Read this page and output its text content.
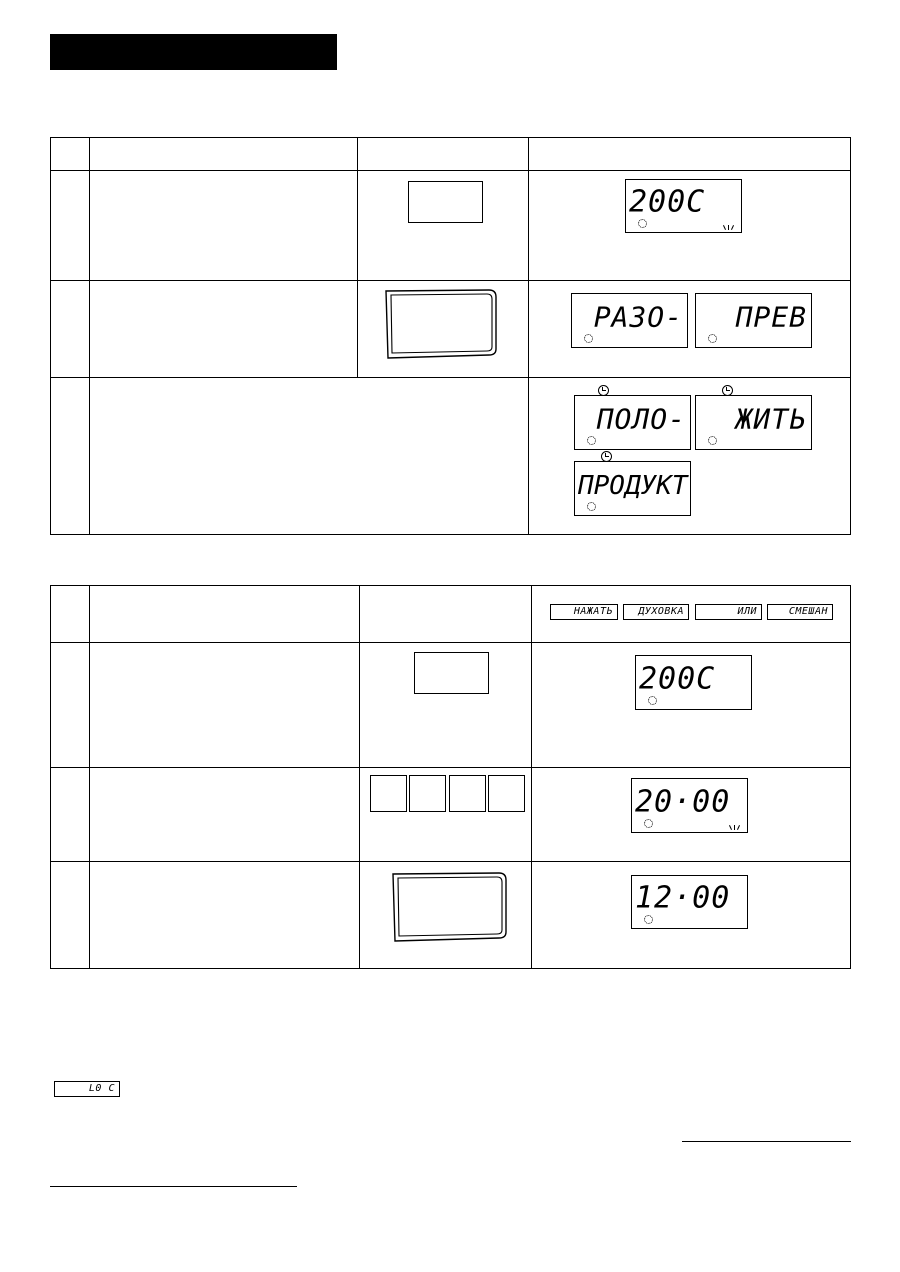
			200C

PA3O- ПРЕВ

			ПОЛО- ЖИТЬ
ПРОДУКТ

			НАЖАТЬ ДУХОВКА ИЛИ СМЕШАН

			200C

			20·00

12·00
L0 C
